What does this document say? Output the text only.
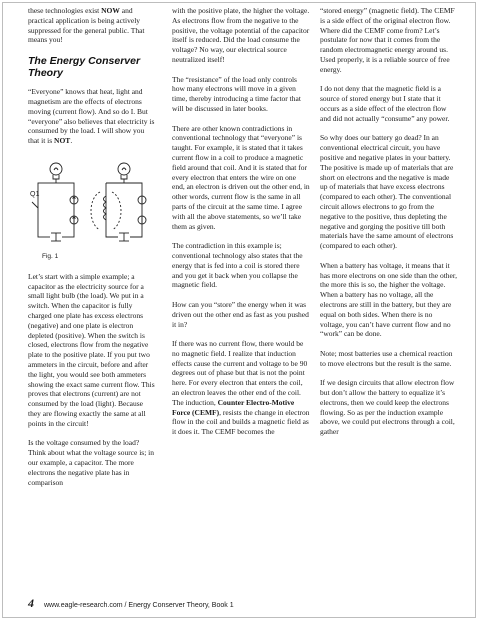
these technologies exist NOW and practical application is being actively suppressed for the general public. That means you!

The Energy Conserver Theory

“Everyone” knows that heat, light and magnetism are the effects of electrons moving (current flow). And so do I. But “everyone” also believes that electricity is consumed by the load. I will show you that it is NOT.

Q1
Fig. 1

Let’s start with a simple example; a capacitor as the electricity source for a small light bulb (the load). We put in a switch. When the capacitor is fully charged one plate has excess electrons (negative) and one plate is electron depleted (positive). When the switch is closed, electrons flow from the negative plate to the positive plate. If you put two ammeters in the circuit, before and after the light, you would see both ammeters showing the exact same current flow. This proves that electrons (current) are not consumed by the load (light). Because they are flowing exactly the same at all points in the circuit!

Is the voltage consumed by the load? Think about what the voltage source is; in our example, a capacitor. The more electrons the negative plate has in comparison

with the positive plate, the higher the voltage. As electrons flow from the negative to the positive, the voltage potential of the capacitor itself is reduced. Did the load consume the voltage? No way, our electrical source neutralized itself!

The “resistance” of the load only controls how many electrons will move in a given time, thereby introducing a time factor that will be discussed in later books.

There are other known contradictions in conventional technology that “everyone” is taught. For example, it is stated that it takes current flow in a coil to produce a magnetic field around that coil. And it is stated that for every electron that enters the wire on one end, an electron is driven out the other end, in other words, current flow is the same in all parts of the circuit at the same time. I agree with all the above statements, so we’ll take them as given.

The contradiction in this example is; conventional technology also states that the energy that is fed into a coil is stored there and you get it back when you collapse the magnetic field.

How can you “store” the energy when it was driven out the other end as fast as you pushed it in?

If there was no current flow, there would be no magnetic field. I realize that induction effects cause the current and voltage to be 90 degrees out of phase but that is not the point here. For every electron that enters the coil, an electron leaves the other end of the coil. The induction, Counter Electro-Motive Force (CEMF), resists the change in electron flow in the coil and builds a magnetic field as it does it. The CEMF becomes the

“stored energy” (magnetic field). The CEMF is a side effect of the original electron flow. Where did the CEMF come from? Let’s postulate for now that it comes from the random electromagnetic energy around us. Used properly, it is a reliable source of free energy.

I do not deny that the magnetic field is a source of stored energy but I state that it occurs as a side effect of the electron flow and did not actually “consume” any power.

So why does our battery go dead? In an conventional electrical circuit, you have positive and negative plates in your battery. The positive is made up of materials that are short on electrons and the negative is made up of materials that have excess electrons (compared to each other). The conventional circuit allows electrons to go from the negative to the positive, thus depleting the negative and gorging the positive till both materials have the same amount of electrons (compared to each other).

When a battery has voltage, it means that it has more electrons on one side than the other, the more this is so, the higher the voltage. When a battery has no voltage, all the electrons are still in the battery, but they are equal on both sides. When there is no voltage, you can’t have current flow and no “work” can be done.

Note; most batteries use a chemical reaction to move electrons but the result is the same.

If we design circuits that allow electron flow but don’t allow the battery to equalize it’s electrons, then we could keep the electrons flowing. So as per the induction example above, we could put electrons through a coil, gather

4 www.eagle-research.com / Energy Conserver Theory, Book 1
